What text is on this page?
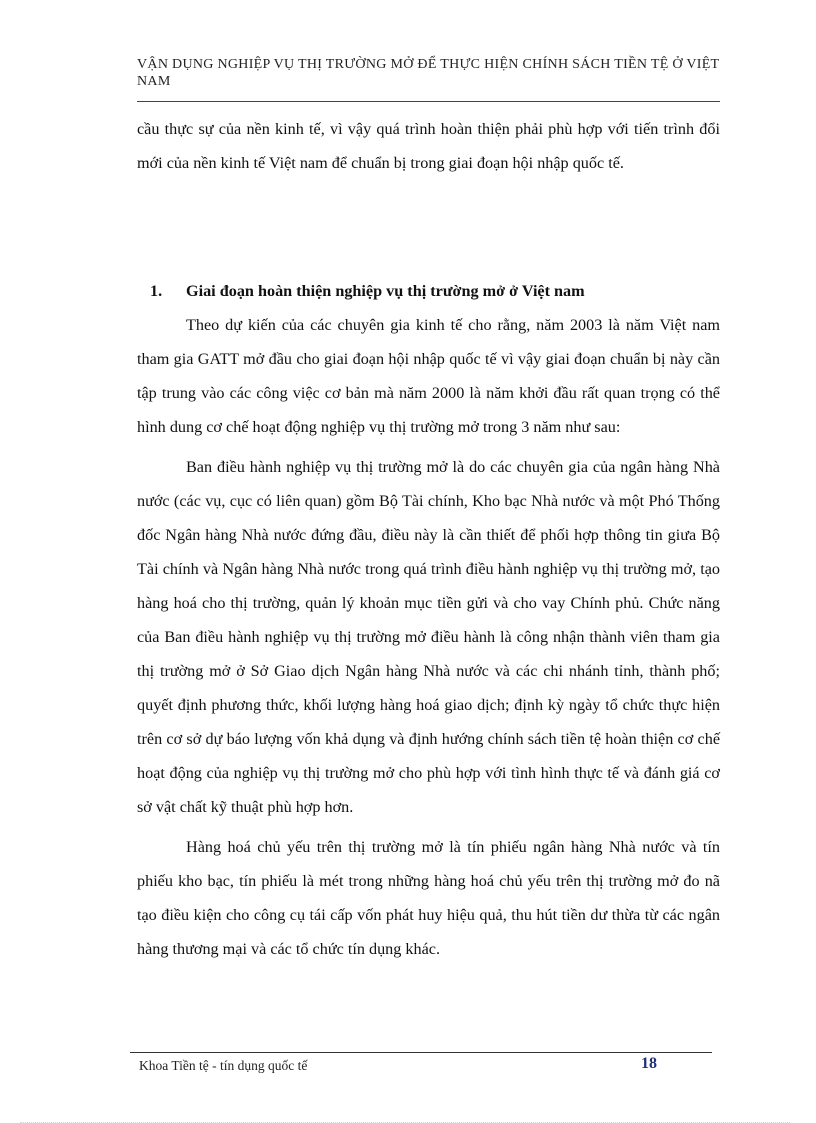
VẬN DỤNG NGHIỆP VỤ THỊ TRƯỜNG MỞ ĐỂ THỰC HIỆN CHÍNH SÁCH TIỀN TỆ Ở VIỆT NAM

cầu thực sự của nền kinh tế, vì vậy quá trình hoàn thiện phải phù hợp với tiến trình đổi mới của nền kinh tế Việt nam để chuẩn bị trong giai đoạn hội nhập quốc tế.

1.	Giai đoạn hoàn thiện nghiệp vụ thị trường mở ở Việt nam

Theo dự kiến của các chuyên gia kinh tế cho rằng, năm 2003 là năm Việt nam tham gia GATT mở đầu cho giai đoạn hội nhập quốc tế vì vậy giai đoạn chuẩn bị này cần tập trung vào các công việc cơ bản mà năm 2000 là năm khởi đầu rất quan trọng có thể hình dung cơ chế hoạt động nghiệp vụ thị trường mở trong 3 năm như sau:

Ban điều hành nghiệp vụ thị trường mở là do các chuyên gia của ngân hàng Nhà nước (các vụ, cục có liên quan) gồm Bộ Tài chính, Kho bạc Nhà nước và một Phó Thống đốc Ngân hàng Nhà nước đứng đầu, điều này là cần thiết để phối hợp thông tin giưa Bộ Tài chính và Ngân hàng Nhà nước trong quá trình điều hành nghiệp vụ thị trường mở, tạo hàng hoá cho thị trường, quản lý khoản mục tiền gửi và cho vay Chính phủ. Chức năng của Ban điều hành nghiệp vụ thị trường mở điều hành là công nhận thành viên tham gia thị trường mở ở Sở Giao dịch Ngân hàng Nhà nước và các chi nhánh tỉnh, thành phố; quyết định phương thức, khối lượng hàng hoá giao dịch; định kỳ ngày tổ chức thực hiện trên cơ sở dự báo lượng vốn khả dụng và định hướng chính sách tiền tệ hoàn thiện cơ chế hoạt động của nghiệp vụ thị trường mở cho phù hợp với tình hình thực tế và đánh giá cơ sở vật chất kỹ thuật phù hợp hơn.

Hàng hoá chủ yếu trên thị trường mở là tín phiếu ngân hàng Nhà nước và tín phiếu kho bạc, tín phiếu là mét trong những hàng hoá chủ yếu trên thị trường mở đo nã tạo điều kiện cho công cụ tái cấp vốn phát huy hiệu quả, thu hút tiền dư thừa từ các ngân hàng thương mại và các tổ chức tín dụng khác.

Khoa Tiền tệ - tín dụng quốc tế	18
